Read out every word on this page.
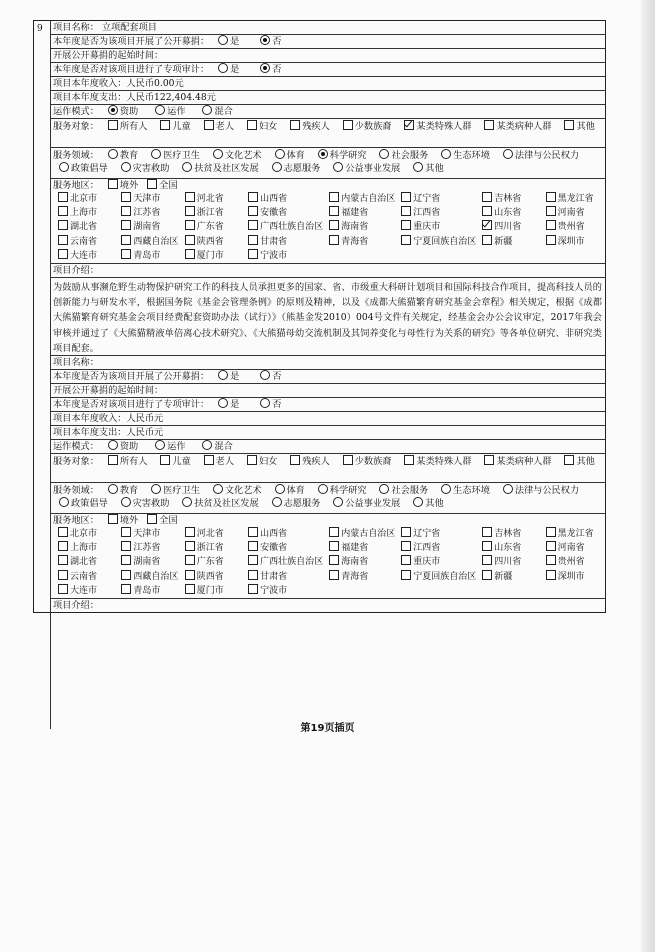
9	项目名称： 立项配套项目
本年度是否为该项目开展了公开募捐： 是	否
开展公开募捐的起始时间：
本年度是否对该项目进行了专项审计： 是	否
项目本年度收入：人民币0.00元
项目本年度支出：人民币122,404.48元
运作模式： 资助	运作	混合
服务对象： 所有人	儿童	老人	妇女	残疾人	少数族裔	某类特殊人群	某类病种人群	其他
服务领域： 教育	医疗卫生	文化艺术	体育	科学研究	社会服务	生态环境	法律与公民权力 政策倡导	灾害救助	扶贫及社区发展	志愿服务	公益事业发展	其他
服务地区： 境外 全国
北京市	天津市	河北省	山西省	内蒙古自治区	辽宁省	吉林省	黑龙江省
上海市	江苏省	浙江省	安徽省	福建省	江西省	山东省	河南省
湖北省	湖南省	广东省	广西壮族自治区	海南省	重庆市	四川省	贵州省
云南省	西藏自治区	陕西省	甘肃省	青海省	宁夏回族自治区	新疆	深圳市
大连市	青岛市	厦门市	宁波市
项目介绍：
为鼓励从事濒危野生动物保护研究工作的科技人员承担更多的国家、省、市级重大科研计划项目和国际科技合作项目，提高科技人员的创新能力与研发水平，根据国务院《基金会管理条例》的原则及精神，以及《成都大熊猫繁育研究基金会章程》相关规定，根据《成都大熊猫繁育研究基金会项目经费配套资助办法（试行）》（熊基金发2010）004号文件有关规定，经基金会办公会议审定，2017年我会审核并通过了《大熊猫精液单倍离心技术研究》、《大熊猫母幼交流机制及其饲养变化与母性行为关系的研究》等各单位研究、非研究类项目配套。
项目名称：
本年度是否为该项目开展了公开募捐： 是	否
开展公开募捐的起始时间：
本年度是否对该项目进行了专项审计： 是	否
项目本年度收入：人民币元
项目本年度支出：人民币元
运作模式： 资助	运作	混合
服务对象： 所有人	儿童	老人	妇女	残疾人	少数族裔	某类特殊人群	某类病种人群	其他
服务领域： 教育	医疗卫生	文化艺术	体育	科学研究	社会服务	生态环境	法律与公民权力 政策倡导	灾害救助	扶贫及社区发展	志愿服务	公益事业发展	其他
服务地区： 境外 全国
北京市	天津市	河北省	山西省	内蒙古自治区	辽宁省	吉林省	黑龙江省
上海市	江苏省	浙江省	安徽省	福建省	江西省	山东省	河南省
湖北省	湖南省	广东省	广西壮族自治区	海南省	重庆市	四川省	贵州省
云南省	西藏自治区	陕西省	甘肃省	青海省	宁夏回族自治区	新疆	深圳市
大连市	青岛市	厦门市	宁波市
项目介绍：
第19页插页
